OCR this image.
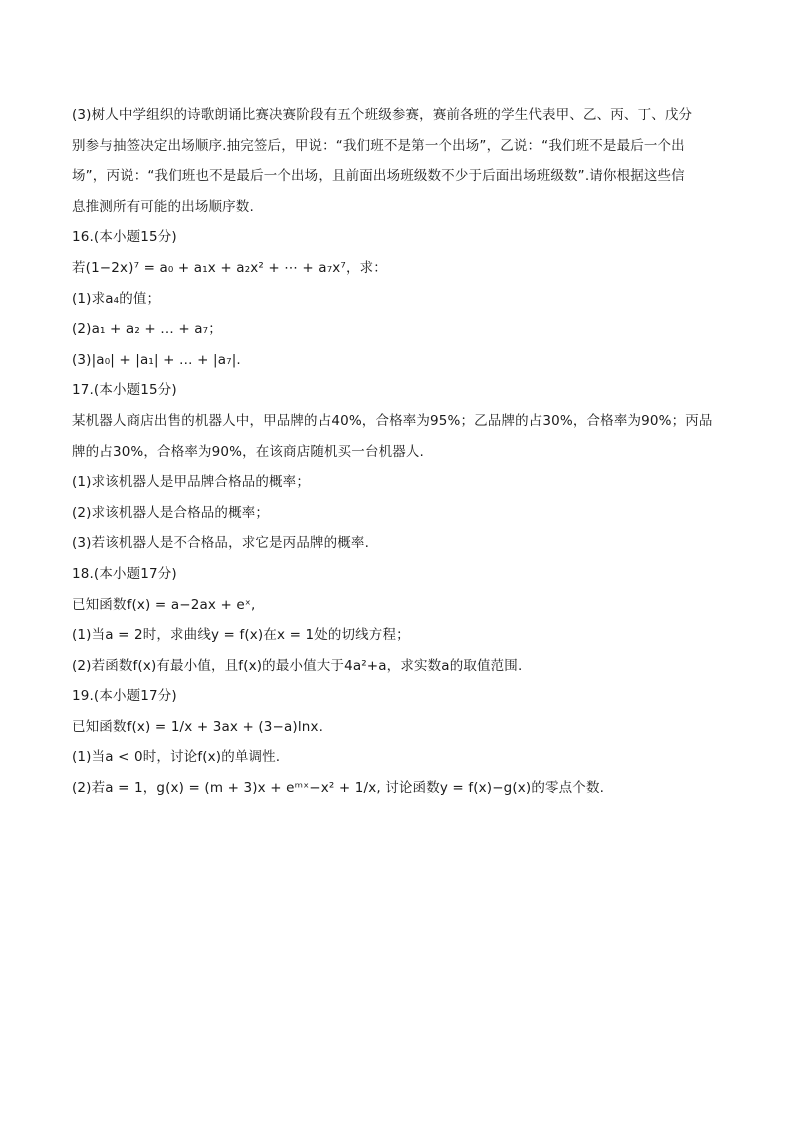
(3)树人中学组织的诗歌朗诵比赛决赛阶段有五个班级参赛，赛前各班的学生代表甲、乙、丙、丁、戊分
别参与抽签决定出场顺序.抽完签后，甲说：“我们班不是第一个出场”，乙说：“我们班不是最后一个出
场”，丙说：“我们班也不是最后一个出场，且前面出场班级数不少于后面出场班级数”.请你根据这些信
息推测所有可能的出场顺序数.
16.(本小题15分)
若(1−2x)⁷ = a₀ + a₁x + a₂x² + ⋯ + a₇x⁷，求：
(1)求a₄的值；
(2)a₁ + a₂ + … + a₇；
(3)|a₀| + |a₁| + … + |a₇|.
17.(本小题15分)
某机器人商店出售的机器人中，甲品牌的占40%，合格率为95%；乙品牌的占30%，合格率为90%；丙品
牌的占30%，合格率为90%，在该商店随机买一台机器人.
(1)求该机器人是甲品牌合格品的概率；
(2)求该机器人是合格品的概率；
(3)若该机器人是不合格品，求它是丙品牌的概率.
18.(本小题17分)
已知函数f(x) = a−2ax + eˣ,
(1)当a = 2时，求曲线y = f(x)在x = 1处的切线方程；
(2)若函数f(x)有最小值，且f(x)的最小值大于4a²+a，求实数a的取值范围.
19.(本小题17分)
已知函数f(x) = 1/x + 3ax + (3−a)lnx.
(1)当a < 0时，讨论f(x)的单调性.
(2)若a = 1，g(x) = (m + 3)x + eᵐˣ−x² + 1/x, 讨论函数y = f(x)−g(x)的零点个数.
